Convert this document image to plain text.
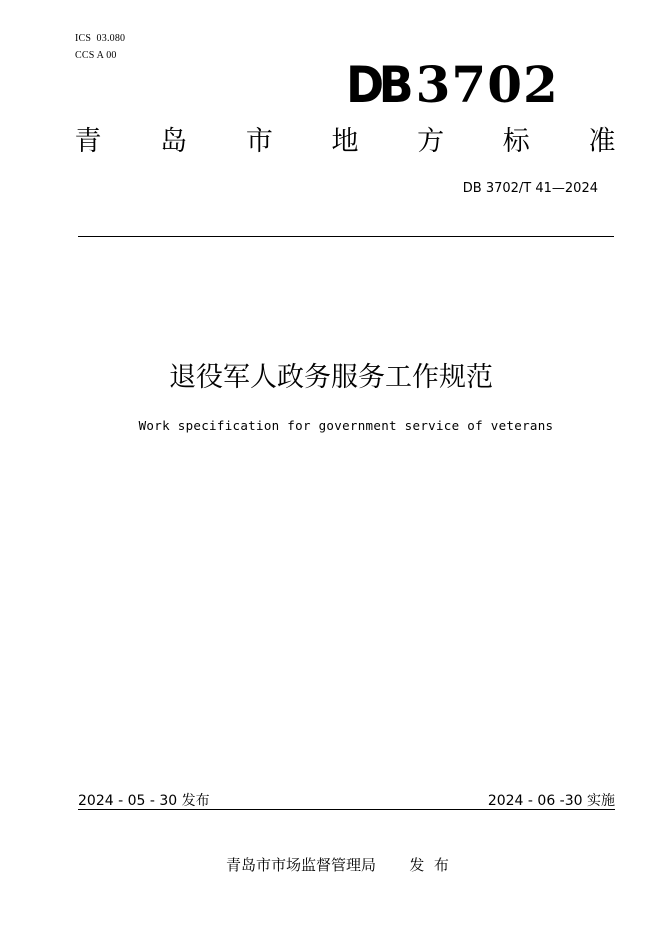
ICS  03.080
CCS A 00
DB 3702
青	岛	市	地	方	标	准
DB 3702/T 41—2024
退役军人政务服务工作规范
Work specification for government service of veterans
2024 - 05 - 30 发布	2024 - 06 -30 实施
青岛市市场监督管理局       发  布
